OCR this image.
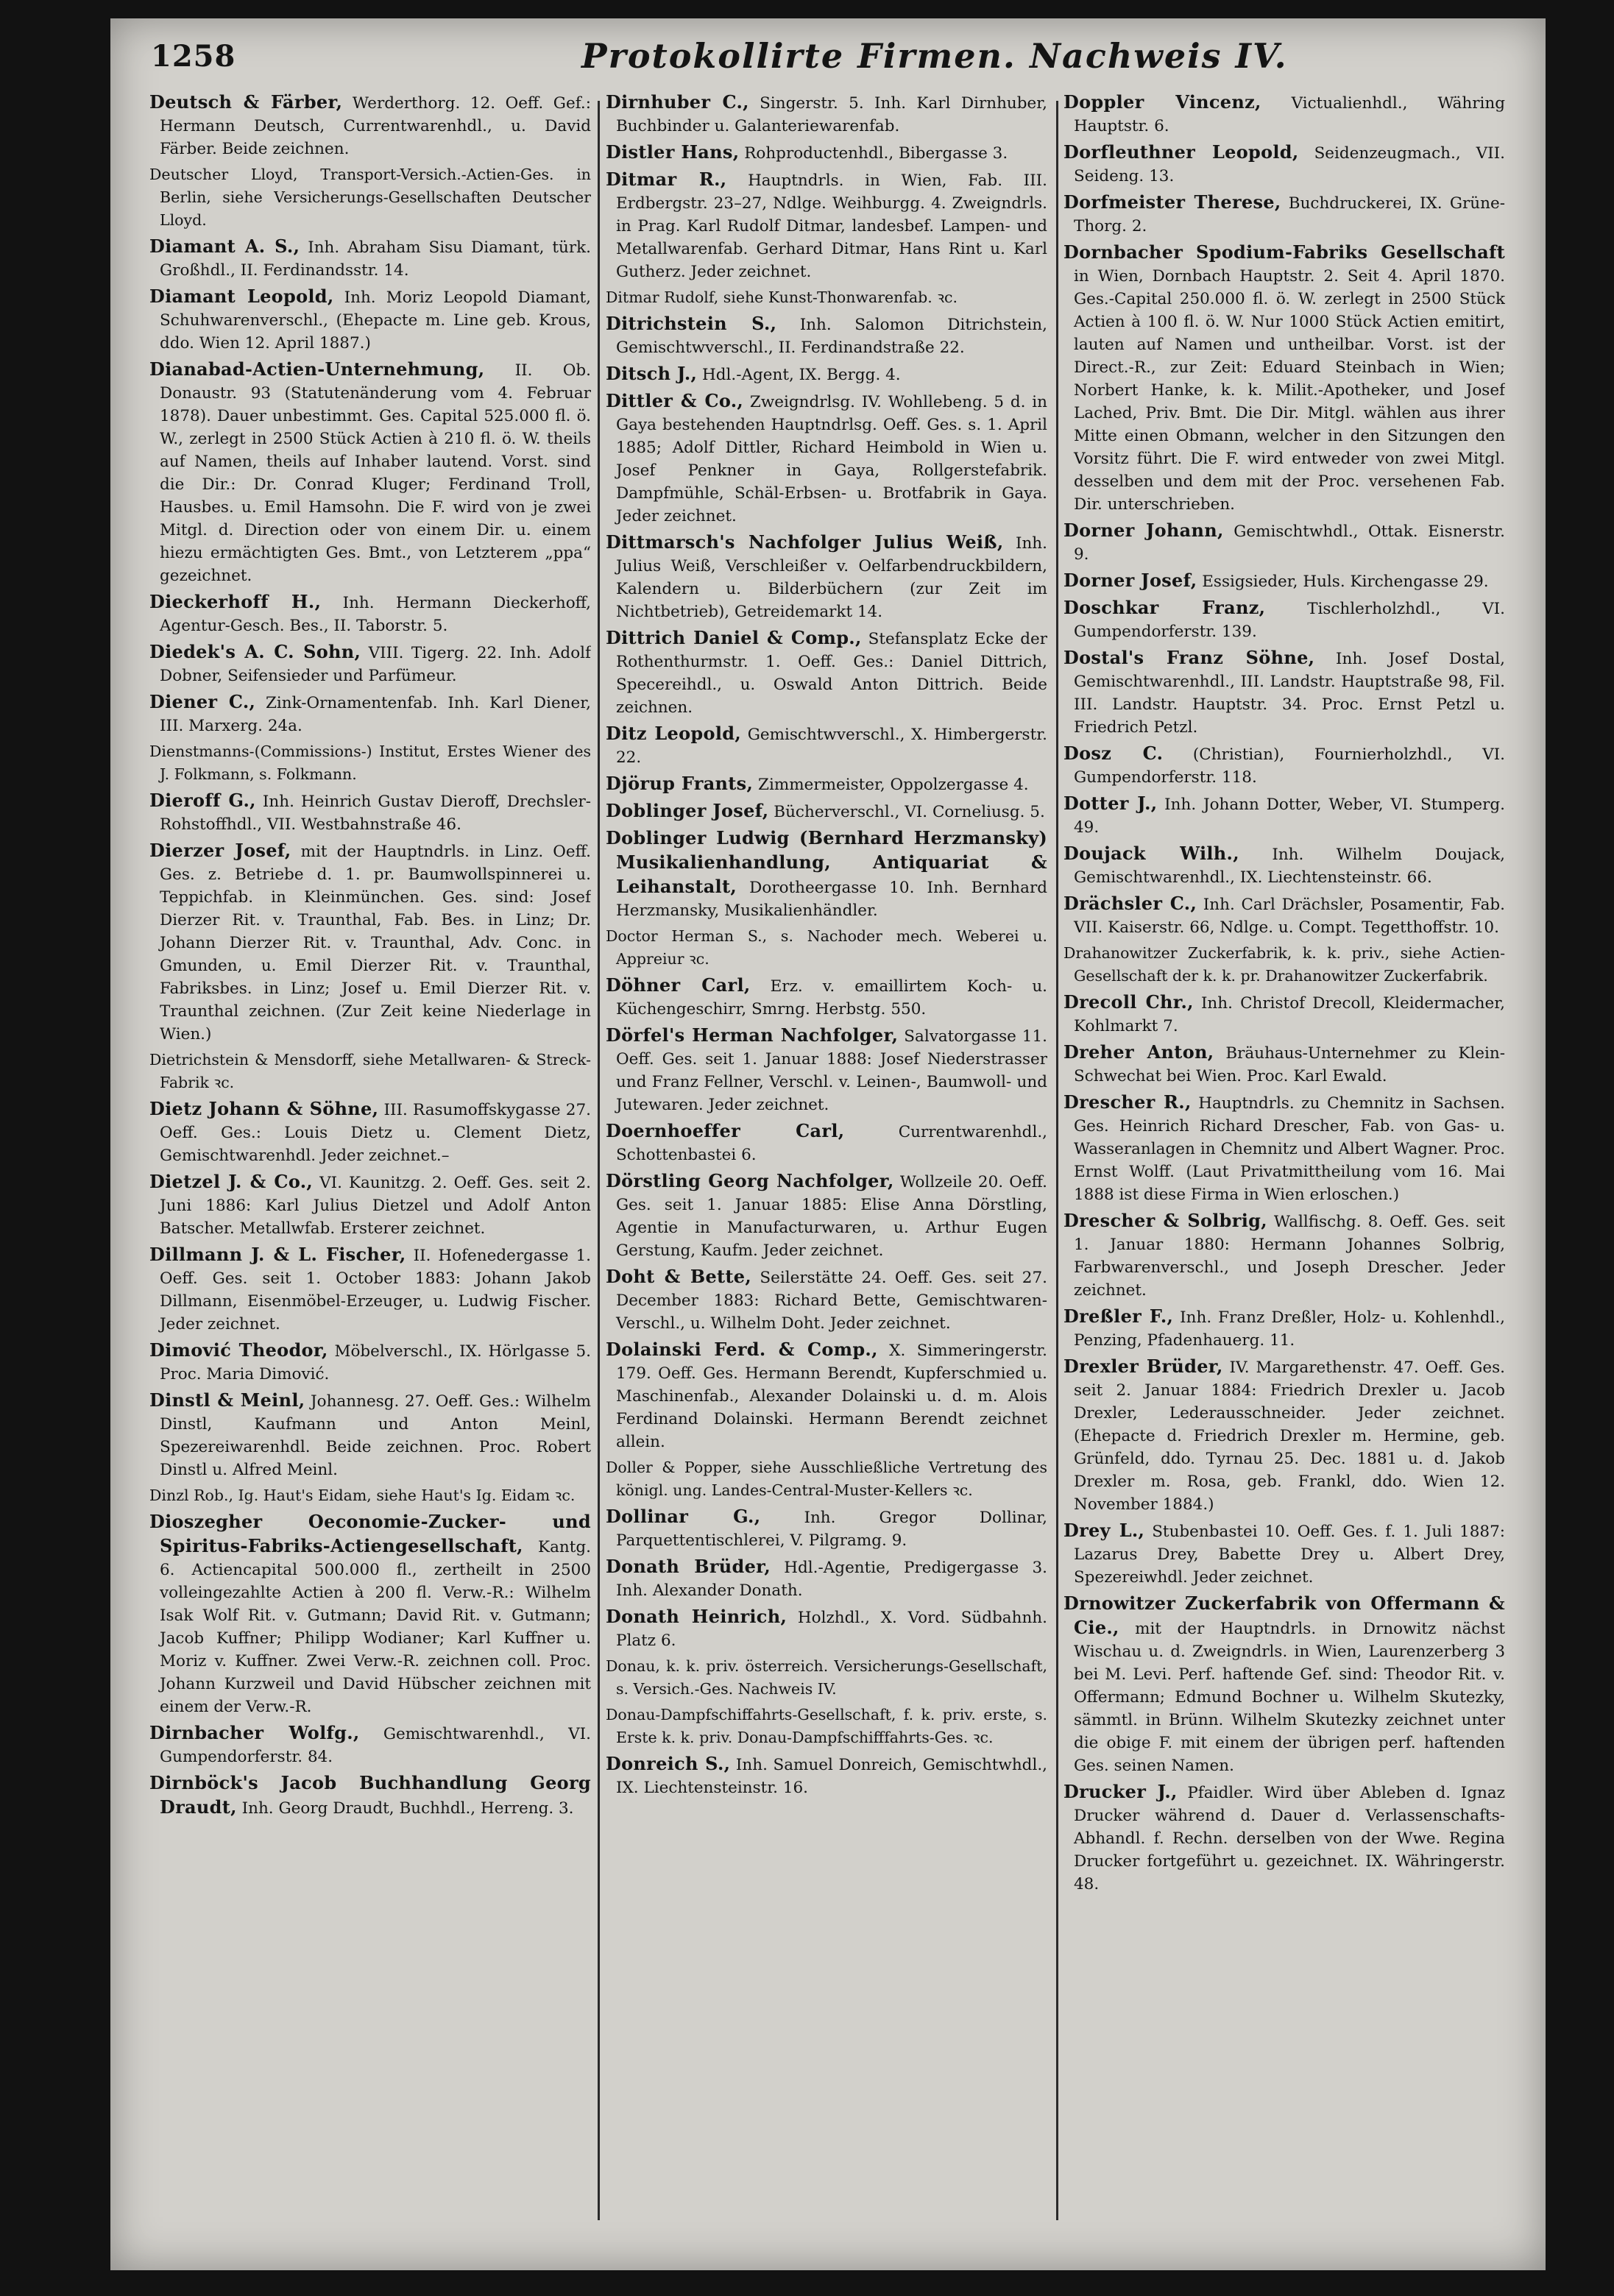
1258	Protokollirte Firmen. Nachweis IV.

Deutsch & Färber, Werderthorg. 12. Oeff. Gef.: Hermann Deutsch, Currentwarenhdl., u. David Färber. Beide zeichnen.

Deutscher Lloyd, Transport-Versich.-Actien-Ges. in Berlin, siehe Versicherungs-Gesellschaften Deutscher Lloyd.

Diamant A. S., Inh. Abraham Sisu Diamant, türk. Großhdl., II. Ferdinandsstr. 14.

Diamant Leopold, Inh. Moriz Leopold Diamant, Schuhwarenverschl., (Ehepacte m. Line geb. Krous, ddo. Wien 12. April 1887.)

Dianabad-Actien-Unternehmung, II. Ob. Donaustr. 93 (Statutenänderung vom 4. Februar 1878). Dauer unbestimmt. Ges. Capital 525.000 fl. ö. W., zerlegt in 2500 Stück Actien à 210 fl. ö. W. theils auf Namen, theils auf Inhaber lautend. Vorst. sind die Dir.: Dr. Conrad Kluger; Ferdinand Troll, Hausbes. u. Emil Hamsohn. Die F. wird von je zwei Mitgl. d. Direction oder von einem Dir. u. einem hiezu ermächtigten Ges. Bmt., von Letzterem „ppa“ gezeichnet.

Dieckerhoff H., Inh. Hermann Dieckerhoff, Agentur-Gesch. Bes., II. Taborstr. 5.

Diedek's A. C. Sohn, VIII. Tigerg. 22. Inh. Adolf Dobner, Seifensieder und Parfümeur.

Diener C., Zink-Ornamentenfab. Inh. Karl Diener, III. Marxerg. 24a.

Dienstmanns-(Commissions-) Institut, Erstes Wiener des J. Folkmann, s. Folkmann.

Dieroff G., Inh. Heinrich Gustav Dieroff, Drechsler-Rohstoffhdl., VII. Westbahnstraße 46.

Dierzer Josef, mit der Hauptndrls. in Linz. Oeff. Ges. z. Betriebe d. 1. pr. Baumwollspinnerei u. Teppichfab. in Kleinmünchen. Ges. sind: Josef Dierzer Rit. v. Traunthal, Fab. Bes. in Linz; Dr. Johann Dierzer Rit. v. Traunthal, Adv. Conc. in Gmunden, u. Emil Dierzer Rit. v. Traunthal, Fabriksbes. in Linz; Josef u. Emil Dierzer Rit. v. Traunthal zeichnen. (Zur Zeit keine Niederlage in Wien.)

Dietrichstein & Mensdorff, siehe Metallwaren- & Streck-Fabrik ꝛc.

Dietz Johann & Söhne, III. Rasumoffskygasse 27. Oeff. Ges.: Louis Dietz u. Clement Dietz, Gemischtwarenhdl. Jeder zeichnet.–

Dietzel J. & Co., VI. Kaunitzg. 2. Oeff. Ges. seit 2. Juni 1886: Karl Julius Dietzel und Adolf Anton Batscher. Metallwfab. Ersterer zeichnet.

Dillmann J. & L. Fischer, II. Hofenedergasse 1. Oeff. Ges. seit 1. October 1883: Johann Jakob Dillmann, Eisenmöbel-Erzeuger, u. Ludwig Fischer. Jeder zeichnet.

Dimović Theodor, Möbelverschl., IX. Hörlgasse 5. Proc. Maria Dimović.

Dinstl & Meinl, Johannesg. 27. Oeff. Ges.: Wilhelm Dinstl, Kaufmann und Anton Meinl, Spezereiwarenhdl. Beide zeichnen. Proc. Robert Dinstl u. Alfred Meinl.

Dinzl Rob., Ig. Haut's Eidam, siehe Haut's Ig. Eidam ꝛc.

Dioszegher Oeconomie-Zucker- und Spiritus-Fabriks-Actiengesellschaft, Kantg. 6. Actiencapital 500.000 fl., zertheilt in 2500 volleingezahlte Actien à 200 fl. Verw.-R.: Wilhelm Isak Wolf Rit. v. Gutmann; David Rit. v. Gutmann; Jacob Kuffner; Philipp Wodianer; Karl Kuffner u. Moriz v. Kuffner. Zwei Verw.-R. zeichnen coll. Proc. Johann Kurzweil und David Hübscher zeichnen mit einem der Verw.-R.

Dirnbacher Wolfg., Gemischtwarenhdl., VI. Gumpendorferstr. 84.

Dirnböck's Jacob Buchhandlung Georg Draudt, Inh. Georg Draudt, Buchhdl., Herreng. 3.

Dirnhuber C., Singerstr. 5. Inh. Karl Dirnhuber, Buchbinder u. Galanteriewarenfab.

Distler Hans, Rohproductenhdl., Bibergasse 3.

Ditmar R., Hauptndrls. in Wien, Fab. III. Erdbergstr. 23–27, Ndlge. Weihburgg. 4. Zweigndrls. in Prag. Karl Rudolf Ditmar, landesbef. Lampen- und Metallwarenfab. Gerhard Ditmar, Hans Rint u. Karl Gutherz. Jeder zeichnet.

Ditmar Rudolf, siehe Kunst-Thonwarenfab. ꝛc.

Ditrichstein S., Inh. Salomon Ditrichstein, Gemischtwverschl., II. Ferdinandstraße 22.

Ditsch J., Hdl.-Agent, IX. Bergg. 4.

Dittler & Co., Zweigndrlsg. IV. Wohllebeng. 5 d. in Gaya bestehenden Hauptndrlsg. Oeff. Ges. s. 1. April 1885; Adolf Dittler, Richard Heimbold in Wien u. Josef Penkner in Gaya, Rollgerstefabrik. Dampfmühle, Schäl-Erbsen- u. Brotfabrik in Gaya. Jeder zeichnet.

Dittmarsch's Nachfolger Julius Weiß, Inh. Julius Weiß, Verschleißer v. Oelfarbendruckbildern, Kalendern u. Bilderbüchern (zur Zeit im Nichtbetrieb), Getreidemarkt 14.

Dittrich Daniel & Comp., Stefansplatz Ecke der Rothenthurmstr. 1. Oeff. Ges.: Daniel Dittrich, Specereihdl., u. Oswald Anton Dittrich. Beide zeichnen.

Ditz Leopold, Gemischtwverschl., X. Himbergerstr. 22.

Djörup Frants, Zimmermeister, Oppolzergasse 4.

Doblinger Josef, Bücherverschl., VI. Corneliusg. 5.

Doblinger Ludwig (Bernhard Herzmansky) Musikalienhandlung, Antiquariat & Leihanstalt, Dorotheergasse 10. Inh. Bernhard Herzmansky, Musikalienhändler.

Doctor Herman S., s. Nachoder mech. Weberei u. Appreiur ꝛc.

Döhner Carl, Erz. v. emaillirtem Koch- u. Küchengeschirr, Smrng. Herbstg. 550.

Dörfel's Herman Nachfolger, Salvatorgasse 11. Oeff. Ges. seit 1. Januar 1888: Josef Niederstrasser und Franz Fellner, Verschl. v. Leinen-, Baumwoll- und Jutewaren. Jeder zeichnet.

Doernhoeffer Carl,	Currentwarenhdl., Schottenbastei 6.

Dörstling Georg Nachfolger, Wollzeile 20. Oeff. Ges. seit 1. Januar 1885: Elise Anna Dörstling, Agentie in Manufacturwaren, u. Arthur Eugen Gerstung, Kaufm. Jeder zeichnet.

Doht & Bette, Seilerstätte 24. Oeff. Ges. seit 27. December 1883: Richard Bette, Gemischtwaren-Verschl., u. Wilhelm Doht. Jeder zeichnet.

Dolainski Ferd. & Comp., X. Simmeringerstr. 179. Oeff. Ges. Hermann Berendt, Kupferschmied u. Maschinenfab., Alexander Dolainski u. d. m. Alois Ferdinand Dolainski. Hermann Berendt zeichnet allein.

Doller & Popper, siehe Ausschließliche Vertretung des königl. ung. Landes-Central-Muster-Kellers ꝛc.

Dollinar G.,	Inh. Gregor Dollinar, Parquettentischlerei, V. Pilgramg. 9.

Donath Brüder, Hdl.-Agentie, Predigergasse 3. Inh. Alexander Donath.

Donath Heinrich, Holzhdl., X. Vord. Südbahnh. Platz 6.

Donau, k. k. priv. österreich. Versicherungs-Gesellschaft, s. Versich.-Ges. Nachweis IV.

Donau-Dampfschiffahrts-Gesellschaft, f. k. priv. erste, s. Erste k. k. priv. Donau-Dampfschifffahrts-Ges. ꝛc.

Donreich S., Inh. Samuel Donreich, Gemischtwhdl., IX. Liechtensteinstr. 16.

Doppler Vincenz, Victualienhdl., Währing Hauptstr. 6.

Dorfleuthner Leopold, Seidenzeugmach., VII. Seideng. 13.

Dorfmeister Therese, Buchdruckerei, IX. Grüne-Thorg. 2.

Dornbacher Spodium-Fabriks Gesellschaft in Wien, Dornbach Hauptstr. 2. Seit 4. April 1870. Ges.-Capital 250.000 fl. ö. W. zerlegt in 2500 Stück Actien à 100 fl. ö. W. Nur 1000 Stück Actien emitirt, lauten auf Namen und untheilbar. Vorst. ist der Direct.-R., zur Zeit: Eduard Steinbach in Wien; Norbert Hanke, k. k. Milit.-Apotheker, und Josef Lached, Priv. Bmt. Die Dir. Mitgl. wählen aus ihrer Mitte einen Obmann, welcher in den Sitzungen den Vorsitz führt. Die F. wird entweder von zwei Mitgl. desselben und dem mit der Proc. versehenen Fab. Dir. unterschrieben.

Dorner Johann, Gemischtwhdl., Ottak. Eisnerstr. 9.

Dorner Josef, Essigsieder, Huls. Kirchengasse 29.

Doschkar Franz,	Tischlerholzhdl., VI. Gumpendorferstr. 139.

Dostal's Franz Söhne, Inh. Josef Dostal, Gemischtwarenhdl., III. Landstr. Hauptstraße 98, Fil. III. Landstr. Hauptstr. 34. Proc. Ernst Petzl u. Friedrich Petzl.

Dosz C. (Christian), Fournierholzhdl., VI. Gumpendorferstr. 118.

Dotter J., Inh. Johann Dotter, Weber, VI. Stumperg. 49.

Doujack Wilh., Inh. Wilhelm Doujack, Gemischtwarenhdl., IX. Liechtensteinstr. 66.

Drächsler C., Inh. Carl Drächsler, Posamentir, Fab. VII. Kaiserstr. 66, Ndlge. u. Compt. Tegetthoffstr. 10.

Drahanowitzer Zuckerfabrik, k. k. priv., siehe Actien-Gesellschaft der k. k. pr. Drahanowitzer Zuckerfabrik.

Drecoll Chr., Inh. Christof Drecoll, Kleidermacher, Kohlmarkt 7.

Dreher Anton, Bräuhaus-Unternehmer zu Klein-Schwechat bei Wien. Proc. Karl Ewald.

Drescher R., Hauptndrls. zu Chemnitz in Sachsen. Ges. Heinrich Richard Drescher, Fab. von Gas- u. Wasseranlagen in Chemnitz und Albert Wagner. Proc. Ernst Wolff. (Laut Privatmittheilung vom 16. Mai 1888 ist diese Firma in Wien erloschen.)

Drescher & Solbrig, Wallfischg. 8. Oeff. Ges. seit 1. Januar 1880: Hermann Johannes Solbrig, Farbwarenverschl., und Joseph Drescher. Jeder zeichnet.

Dreßler F., Inh. Franz Dreßler, Holz- u. Kohlenhdl., Penzing, Pfadenhauerg. 11.

Drexler Brüder, IV. Margarethenstr. 47. Oeff. Ges. seit 2. Januar 1884: Friedrich Drexler u. Jacob Drexler, Lederausschneider. Jeder zeichnet. (Ehepacte d. Friedrich Drexler m. Hermine, geb. Grünfeld, ddo. Tyrnau 25. Dec. 1881 u. d. Jakob Drexler m. Rosa, geb. Frankl, ddo. Wien 12. November 1884.)

Drey L., Stubenbastei 10. Oeff. Ges. f. 1. Juli 1887: Lazarus Drey, Babette Drey u. Albert Drey, Spezereiwhdl. Jeder zeichnet.

Drnowitzer Zuckerfabrik von Offermann & Cie., mit der Hauptndrls. in Drnowitz nächst Wischau u. d. Zweigndrls. in Wien, Laurenzerberg 3 bei M. Levi. Perf. haftende Gef. sind: Theodor Rit. v. Offermann; Edmund Bochner u. Wilhelm Skutezky, sämmtl. in Brünn. Wilhelm Skutezky zeichnet unter die obige F. mit einem der übrigen perf. haftenden Ges. seinen Namen.

Drucker J., Pfaidler. Wird über Ableben d. Ignaz Drucker während d. Dauer d. Verlassenschafts-Abhandl. f. Rechn. derselben von der Wwe. Regina Drucker fortgeführt u. gezeichnet. IX. Währingerstr. 48.
